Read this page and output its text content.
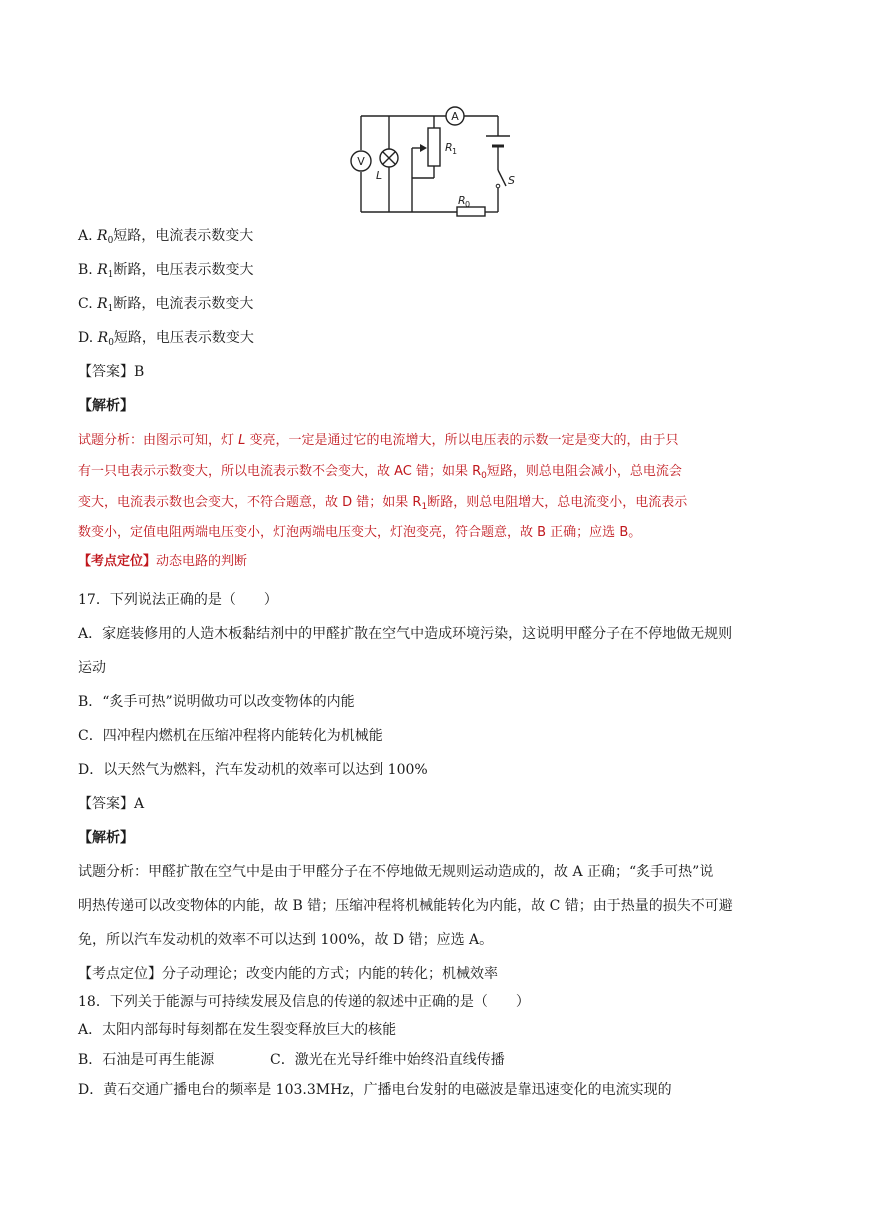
A
V
L
R 1
R 0
S
A. $R_0$短路，电流表示数变大
B. $R_1$断路，电压表示数变大
C. $R_1$断路，电流表示数变大
D. $R_0$短路，电压表示数变大
【答案】B
【解析】
试题分析：由图示可知，灯 L 变亮，一定是通过它的电流增大，所以电压表的示数一定是变大的，由于只
有一只电表示示数变大，所以电流表示数不会变大，故 AC 错；如果 $R_0$短路，则总电阻会减小，总电流会
变大，电流表示数也会变大，不符合题意，故 D 错；如果 $R_1$断路，则总电阻增大，总电流变小，电流表示
数变小，定值电阻两端电压变小，灯泡两端电压变大，灯泡变亮，符合题意，故 B 正确；应选 B。
【考点定位】动态电路的判断
17．下列说法正确的是（　　）
A．家庭装修用的人造木板黏结剂中的甲醛扩散在空气中造成环境污染，这说明甲醛分子在不停地做无规则
运动
B．“炙手可热”说明做功可以改变物体的内能
C．四冲程内燃机在压缩冲程将内能转化为机械能
D．以天然气为燃料，汽车发动机的效率可以达到 100%
【答案】A
【解析】
试题分析：甲醛扩散在空气中是由于甲醛分子在不停地做无规则运动造成的，故 A 正确；“炙手可热”说
明热传递可以改变物体的内能，故 B 错；压缩冲程将机械能转化为内能，故 C 错；由于热量的损失不可避
免，所以汽车发动机的效率不可以达到 100%，故 D 错；应选 A。
【考点定位】分子动理论；改变内能的方式；内能的转化；机械效率
18．下列关于能源与可持续发展及信息的传递的叙述中正确的是（　　）
A．太阳内部每时每刻都在发生裂变释放巨大的核能
B．石油是可再生能源	C．激光在光导纤维中始终沿直线传播
D．黄石交通广播电台的频率是 103.3MHz，广播电台发射的电磁波是靠迅速变化的电流实现的
